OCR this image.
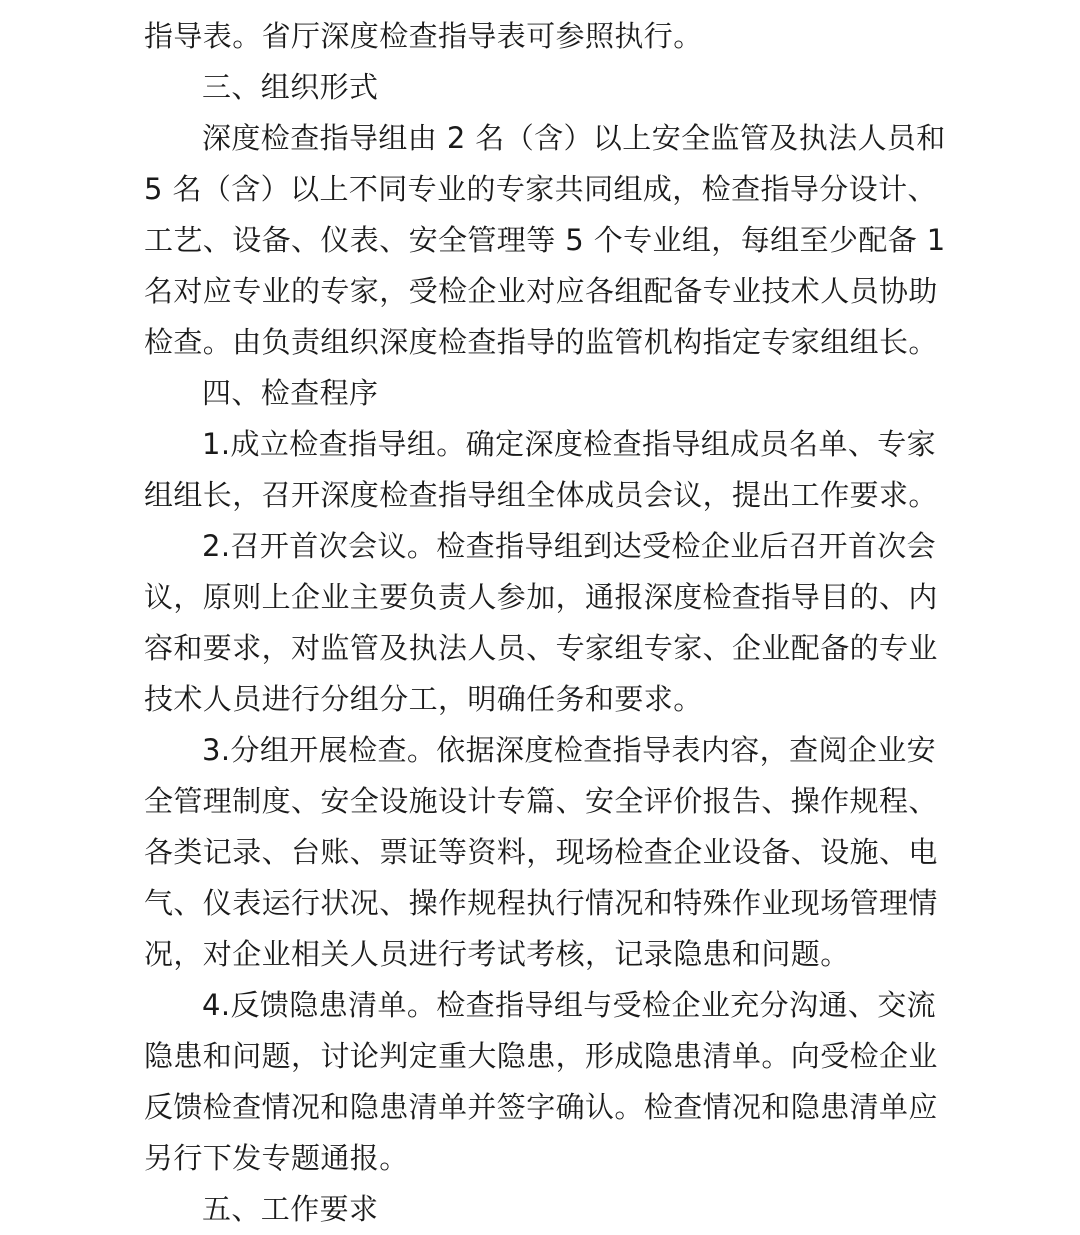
指导表。省厅深度检查指导表可参照执行。
三、组织形式
深度检查指导组由 2 名（含）以上安全监管及执法人员和
5 名（含）以上不同专业的专家共同组成，检查指导分设计、
工艺、设备、仪表、安全管理等 5 个专业组，每组至少配备 1
名对应专业的专家，受检企业对应各组配备专业技术人员协助
检查。由负责组织深度检查指导的监管机构指定专家组组长。
四、检查程序
1.成立检查指导组。确定深度检查指导组成员名单、专家
组组长，召开深度检查指导组全体成员会议，提出工作要求。
2.召开首次会议。检查指导组到达受检企业后召开首次会
议，原则上企业主要负责人参加，通报深度检查指导目的、内
容和要求，对监管及执法人员、专家组专家、企业配备的专业
技术人员进行分组分工，明确任务和要求。
3.分组开展检查。依据深度检查指导表内容，查阅企业安
全管理制度、安全设施设计专篇、安全评价报告、操作规程、
各类记录、台账、票证等资料，现场检查企业设备、设施、电
气、仪表运行状况、操作规程执行情况和特殊作业现场管理情
况，对企业相关人员进行考试考核，记录隐患和问题。
4.反馈隐患清单。检查指导组与受检企业充分沟通、交流
隐患和问题，讨论判定重大隐患，形成隐患清单。向受检企业
反馈检查情况和隐患清单并签字确认。检查情况和隐患清单应
另行下发专题通报。
五、工作要求
